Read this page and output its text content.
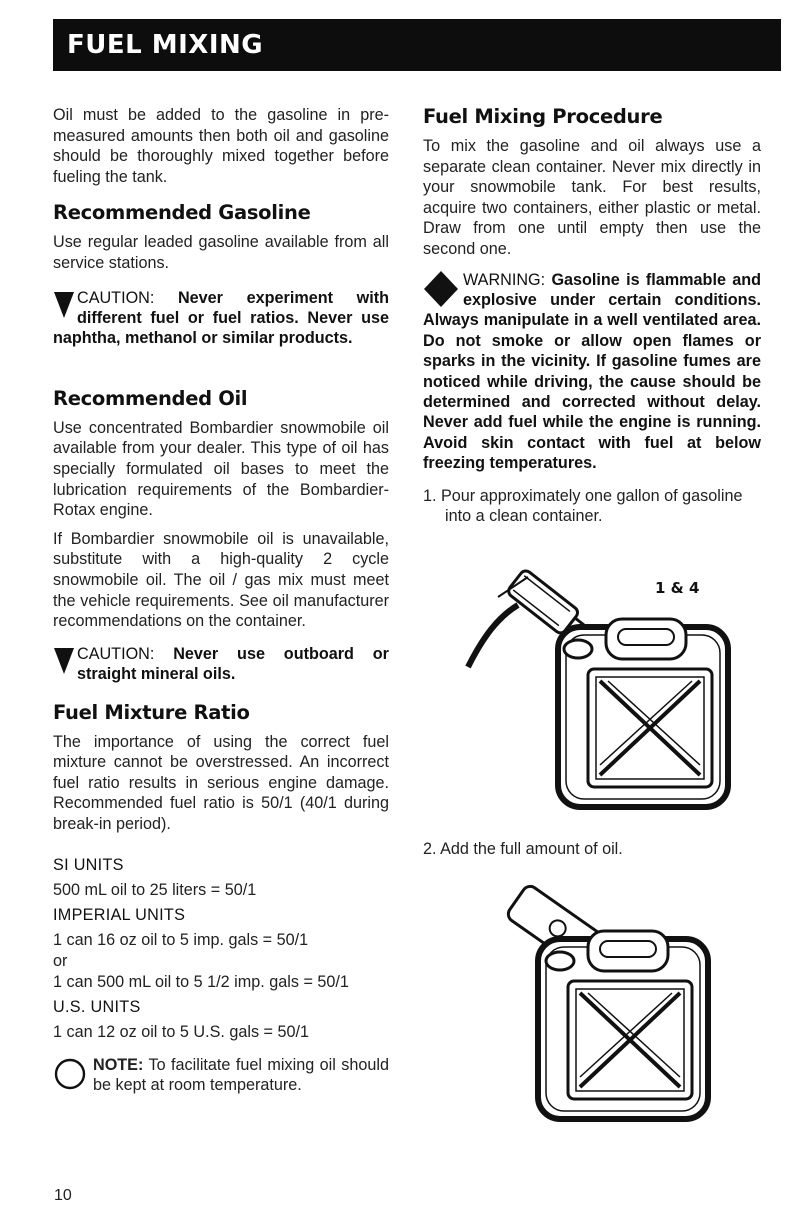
FUEL MIXING

Oil must be added to the gasoline in pre-measured amounts then both oil and gasoline should be thoroughly mixed together before fueling the tank.

Recommended Gasoline

Use regular leaded gasoline available from all service stations.

CAUTION: Never experiment with different fuel or fuel ratios. Never use naphtha, methanol or similar products.
Recommended Oil

Use concentrated Bombardier snowmobile oil available from your dealer. This type of oil has specially formulated oil bases to meet the lubrication requirements of the Bombardier-Rotax engine.

If Bombardier snowmobile oil is unavailable, substitute with a high-quality 2 cycle snowmobile oil. The oil / gas mix must meet the vehicle requirements. See oil manufacturer recommendations on the container.

CAUTION: Never use outboard or straight mineral oils.
Fuel Mixture Ratio

The importance of using the correct fuel mixture cannot be overstressed. An incorrect fuel ratio results in serious engine damage. Recommended fuel ratio is 50/1 (40/1 during break-in period).

SI UNITS
500 mL oil to 25 liters = 50/1
IMPERIAL UNITS
1 can 16 oz oil to 5 imp. gals = 50/1
or
1 can 500 mL oil to 5 1/2 imp. gals = 50/1
U.S. UNITS
1 can 12 oz oil to 5 U.S. gals = 50/1
NOTE: To facilitate fuel mixing oil should be kept at room temperature.
Fuel Mixing Procedure

To mix the gasoline and oil always use a separate clean container. Never mix directly in your snowmobile tank. For best results, acquire two containers, either plastic or metal. Draw from one until empty then use the second one.

WARNING: Gasoline is flammable and explosive under certain conditions. Always manipulate in a well ventilated area. Do not smoke or allow open flames or sparks in the vicinity. If gasoline fumes are noticed while driving, the cause should be determined and corrected without delay. Never add fuel while the engine is running. Avoid skin contact with fuel at below freezing temperatures.

1. Pour approximately one gallon of gasoline into a clean container.

1 & 4

2. Add the full amount of oil.

10
